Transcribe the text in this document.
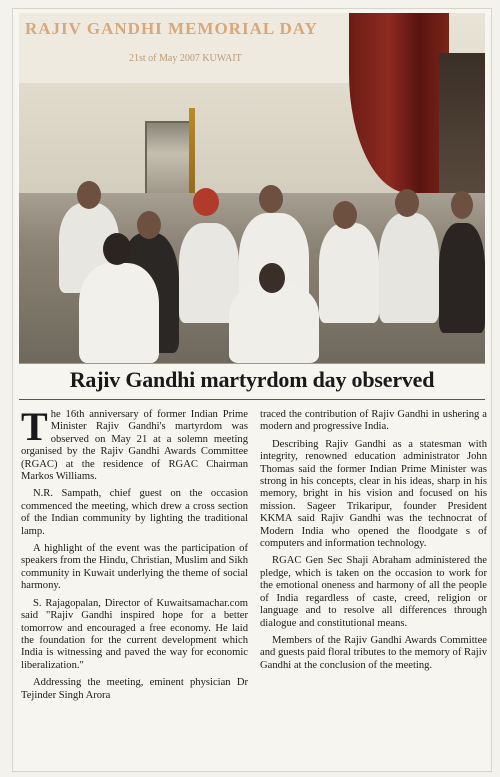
RAJIV GANDHI MEMORIAL DAY
21st of May 2007 KUWAIT
Rajiv Gandhi martyrdom day observed

The 16th anniversary of former Indian Prime Minister Rajiv Gandhi's martyrdom was observed on May 21 at a solemn meeting organised by the Rajiv Gandhi Awards Committee (RGAC) at the residence of RGAC Chairman Markos Williams.

N.R. Sampath, chief guest on the occasion commenced the meeting, which drew a cross section of the Indian community by lighting the traditional lamp.

A highlight of the event was the participation of speakers from the Hindu, Christian, Muslim and Sikh community in Kuwait underlying the theme of social harmony.

S. Rajagopalan, Director of Kuwaitsamachar.com said "Rajiv Gandhi inspired hope for a better tomorrow and encouraged a free economy. He laid the foundation for the current development which India is witnessing and paved the way for economic liberalization."

Addressing the meeting, eminent physician Dr Tejinder Singh Arora

traced the contribution of Rajiv Gandhi in ushering a modern and progressive India.

Describing Rajiv Gandhi as a statesman with integrity, renowned education administrator John Thomas said the former Indian Prime Minister was strong in his concepts, clear in his ideas, sharp in his memory, bright in his vision and focused on his mission. Sageer Trikaripur, founder President KKMA said Rajiv Gandhi was the technocrat of Modern India who opened the floodgate s of computers and information technology.

RGAC Gen Sec Shaji Abraham administered the pledge, which is taken on the occasion to work for the emotional oneness and harmony of all the people of India regardless of caste, creed, religion or language and to resolve all differences through dialogue and constitutional means.

Members of the Rajiv Gandhi Awards Committee and guests paid floral tributes to the memory of Rajiv Gandhi at the conclusion of the meeting.
